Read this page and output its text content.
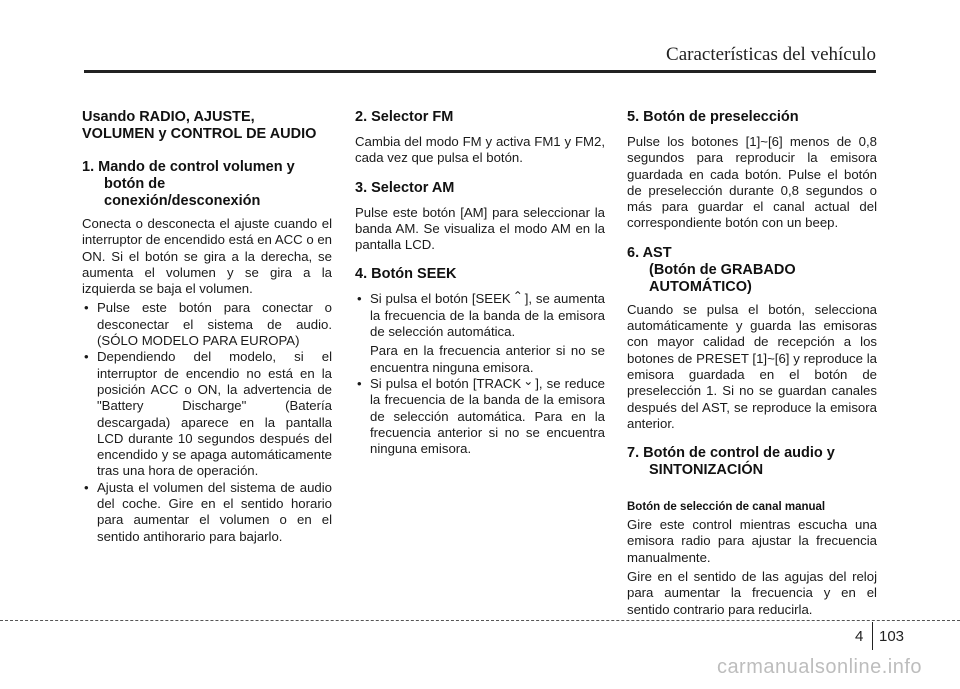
Características del vehículo
Usando RADIO, AJUSTE,
VOLUMEN y CONTROL DE AUDIO
1. Mando de control volumen y
botón de
conexión/desconexión

Conecta o desconecta el ajuste cuando el interruptor de encendido está en ACC o en ON. Si el botón se gira a la derecha, se aumenta el volumen y se gira a la izquierda se baja el volumen.

• Pulse este botón para conectar o desconectar el sistema de audio. (SÓLO MODELO PARA EUROPA)
• Dependiendo del modelo, si el interruptor de encendio no está en la posición ACC o ON, la advertencia de "Battery Discharge" (Batería descargada) aparece en la pantalla LCD durante 10 segundos después del encendido y se apaga automáticamente tras una hora de operación.
• Ajusta el volumen del sistema de audio del coche. Gire en el sentido horario para aumentar el volumen o en el sentido antihorario para bajarlo.
2. Selector FM

Cambia del modo FM y activa FM1 y FM2, cada vez que pulsa el botón.

3. Selector AM

Pulse este botón [AM] para seleccionar la banda AM. Se visualiza el modo AM en la pantalla LCD.

4. Botón SEEK
• Si pulsa el botón [SEEK ⌃ ], se aumenta la frecuencia de la banda de la emisora de selección automática.
Para en la frecuencia anterior si no se encuentra ninguna emisora.
• Si pulsa el botón [TRACK ⌄ ], se reduce la frecuencia de la banda de la emisora de selección automática. Para en la frecuencia anterior si no se encuentra ninguna emisora.
5. Botón de preselección

Pulse los botones [1]~[6] menos de 0,8 segundos para reproducir la emisora guardada en cada botón. Pulse el botón de preselección durante 0,8 segundos o más para guardar el canal actual del correspondiente botón con un beep.

6. AST
(Botón de GRABADO
AUTOMÁTICO)

Cuando se pulsa el botón, selecciona automáticamente y guarda las emisoras con mayor calidad de recepción a los botones de PRESET [1]~[6] y reproduce la emisora guardada en el botón de preselección 1. Si no se guardan canales después del AST, se reproduce la emisora anterior.

7. Botón de control de audio y
SINTONIZACIÓN
Botón de selección de canal manual

Gire este control mientras escucha una emisora radio para ajustar la frecuencia manualmente.

Gire en el sentido de las agujas del reloj para aumentar la frecuencia y en el sentido contrario para reducirla.

4 103
carmanualsonline.info
